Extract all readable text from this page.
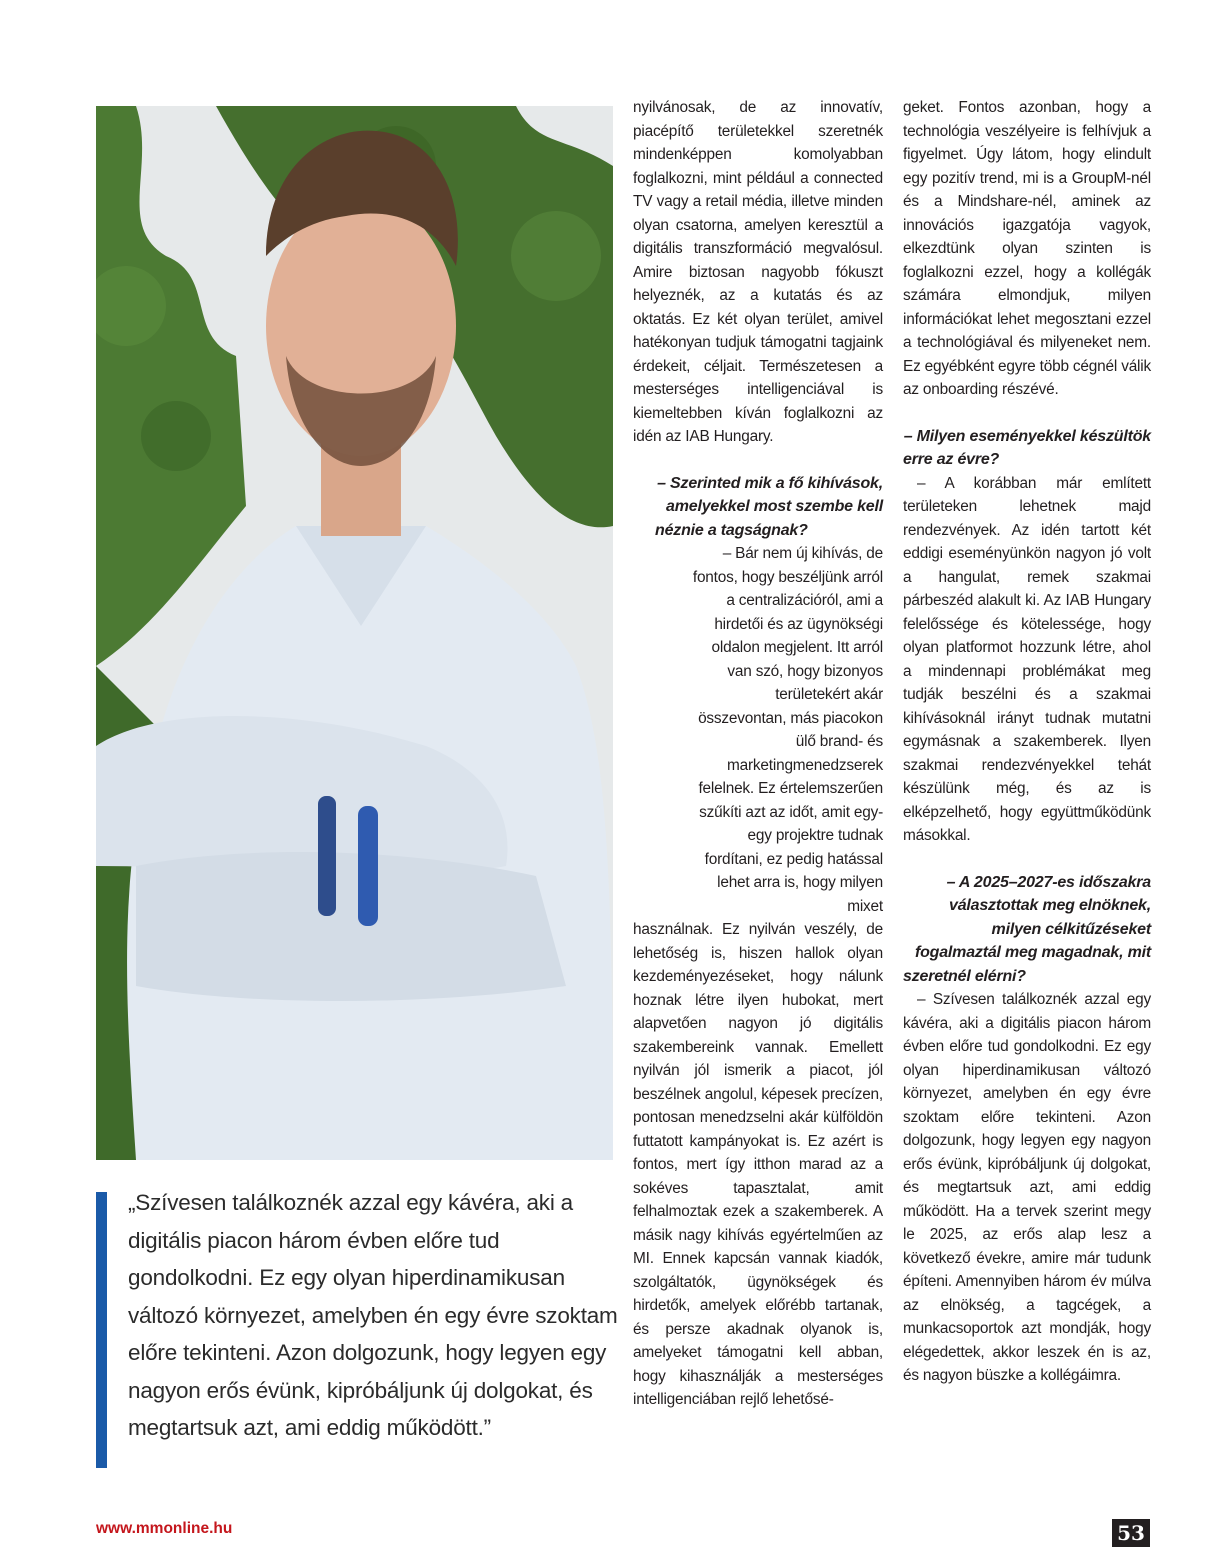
nyilvánosak, de az innovatív, piacépítő területekkel szeretnék mindenképpen komolyabban foglalkozni, mint például a connected TV vagy a retail média, illetve minden olyan csatorna, amelyen keresztül a digitális transzformáció megvalósul. Amire biztosan nagyobb fókuszt helyeznék, az a kutatás és az oktatás. Ez két olyan terület, amivel hatékonyan tudjuk támogatni tagjaink érdekeit, céljait. Természetesen a mesterséges intelligenciával is kiemeltebben kíván foglalkozni az idén az IAB Hungary.

– Szerinted mik a fő kihívások, amelyekkel most szembe kell néznie a tagságnak?

– Bár nem új kihívás, de fontos, hogy beszéljünk arról a centralizációról, ami a hirdetői és az ügynökségi oldalon megjelent. Itt arról van szó, hogy bizonyos területekért akár összevontan, más piacokon ülő brand- és marketingmenedzserek felelnek. Ez értelemszerűen szűkíti azt az időt, amit egy-egy projektre tudnak fordítani, ez pedig hatással lehet arra is, hogy milyen mixet

használnak. Ez nyilván veszély, de lehetőség is, hiszen hallok olyan kezdeményezéseket, hogy nálunk hoznak létre ilyen hubokat, mert alapvetően nagyon jó digitális szakembereink vannak. Emellett nyilván jól ismerik a piacot, jól beszélnek angolul, képesek precízen, pontosan menedzselni akár külföldön futtatott kampányokat is. Ez azért is fontos, mert így itthon marad az a sokéves tapasztalat, amit felhalmoztak ezek a szakemberek. A másik nagy kihívás egyértelműen az MI. Ennek kapcsán vannak kiadók, szolgáltatók, ügynökségek és hirdetők, amelyek előrébb tartanak, és persze akadnak olyanok is, amelyeket támogatni kell abban, hogy kihasználják a mesterséges intelligenciában rejlő lehetősé-

geket. Fontos azonban, hogy a technológia veszélyeire is felhívjuk a figyelmet. Úgy látom, hogy elindult egy pozitív trend, mi is a GroupM-nél és a Mindshare-nél, aminek az innovációs igazgatója vagyok, elkezdtünk olyan szinten is foglalkozni ezzel, hogy a kollégák számára elmondjuk, milyen információkat lehet megosztani ezzel a technológiával és milyeneket nem. Ez egyébként egyre több cégnél válik az onboarding részévé.

– Milyen eseményekkel készültök erre az évre?

– A korábban már említett területeken lehetnek majd rendezvények. Az idén tartott két eddigi eseményünkön nagyon jó volt a hangulat, remek szakmai párbeszéd alakult ki. Az IAB Hungary felelőssége és kötelessége, hogy olyan platformot hozzunk létre, ahol a mindennapi problémákat meg tudják beszélni és a szakmai kihívásoknál irányt tudnak mutatni egymásnak a szakemberek. Ilyen szakmai rendezvényekkel tehát készülünk még, és az is elképzelhető, hogy együttműködünk másokkal.

– A 2025–2027-es időszakra választottak meg elnöknek, milyen célkitűzéseket fogalmaztál meg magadnak, mit szeretnél elérni?

– Szívesen találkoznék azzal egy kávéra, aki a digitális piacon három évben előre tud gondolkodni. Ez egy olyan hiperdinamikusan változó környezet, amelyben én egy évre szoktam előre tekinteni. Azon dolgozunk, hogy legyen egy nagyon erős évünk, kipróbáljunk új dolgokat, és megtartsuk azt, ami eddig működött. Ha a tervek szerint megy le 2025, az erős alap lesz a következő évekre, amire már tudunk építeni. Amennyiben három év múlva az elnökség, a tagcégek, a munkacsoportok azt mondják, hogy elégedettek, akkor leszek én is az, és nagyon büszke a kollégáimra.

„Szívesen találkoznék azzal egy kávéra, aki a digitális piacon három évben előre tud gondolkodni. Ez egy olyan hiperdinamikusan változó környezet, amelyben én egy évre szoktam előre tekinteni. Azon dolgozunk, hogy legyen egy nagyon erős évünk, kipróbáljunk új dolgokat, és megtartsuk azt, ami eddig működött.”
www.mmonline.hu	53
